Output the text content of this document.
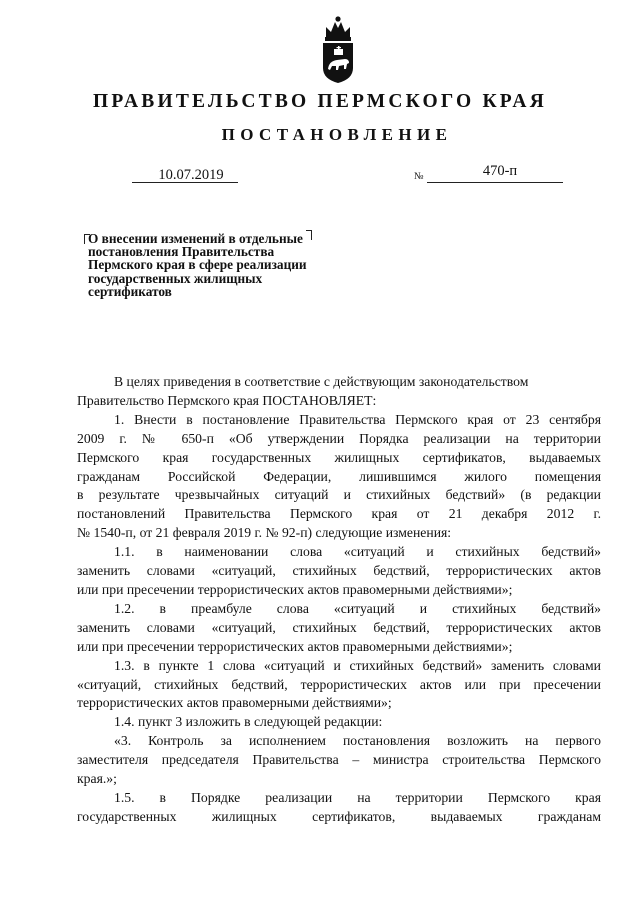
ПРАВИТЕЛЬСТВО ПЕРМСКОГО КРАЯ
ПОСТАНОВЛЕНИЕ
10.07.2019	№	470-п
О внесении изменений в отдельные
постановления Правительства
Пермского края в сфере реализации
государственных жилищных
сертификатов
В целях приведения в соответствие с действующим законодательством
Правительство Пермского края ПОСТАНОВЛЯЕТ:
1. Внести в постановление Правительства Пермского края от 23 сентября
2009 г. № 650-п «Об утверждении Порядка реализации на территории
Пермского края государственных жилищных сертификатов, выдаваемых
гражданам Российской Федерации, лишившимся жилого помещения
в результате чрезвычайных ситуаций и стихийных бедствий» (в редакции
постановлений Правительства Пермского края от 21 декабря 2012 г.
№ 1540-п, от 21 февраля 2019 г. № 92-п) следующие изменения:
1.1. в наименовании слова «ситуаций и стихийных бедствий»
заменить словами «ситуаций, стихийных бедствий, террористических актов
или при пресечении террористических актов правомерными действиями»;
1.2. в преамбуле слова «ситуаций и стихийных бедствий»
заменить словами «ситуаций, стихийных бедствий, террористических актов
или при пресечении террористических актов правомерными действиями»;
1.3. в пункте 1 слова «ситуаций и стихийных бедствий» заменить словами
«ситуаций, стихийных бедствий, террористических актов или при пресечении
террористических актов правомерными действиями»;
1.4. пункт 3 изложить в следующей редакции:
«3. Контроль за исполнением постановления возложить на первого
заместителя председателя Правительства – министра строительства Пермского
края.»;
1.5. в Порядке реализации на территории Пермского края
государственных жилищных сертификатов, выдаваемых гражданам
